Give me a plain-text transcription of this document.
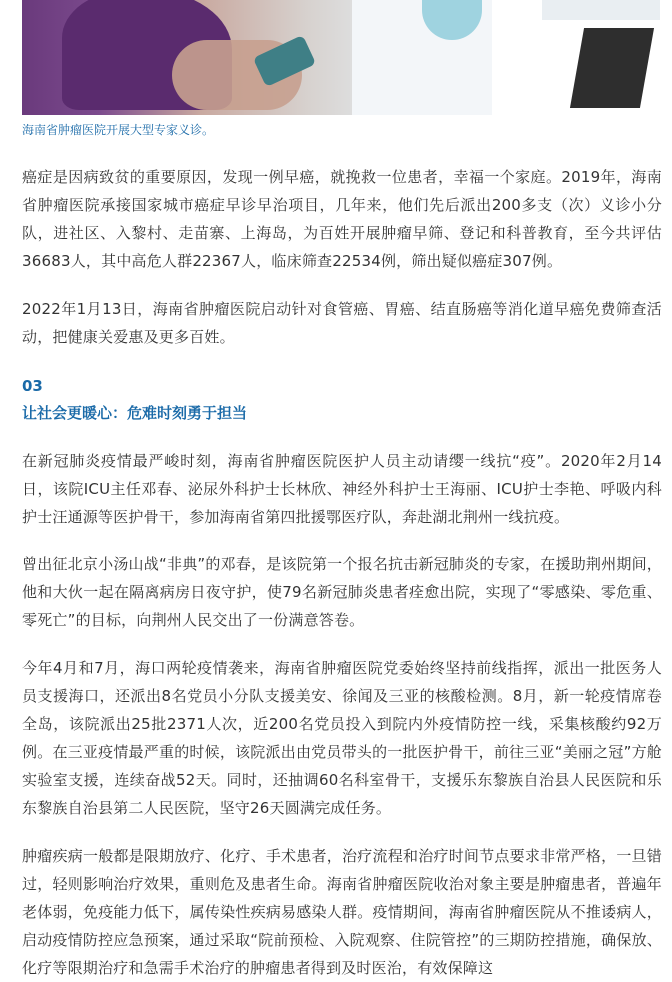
海南省肿瘤医院开展大型专家义诊。

癌症是因病致贫的重要原因，发现一例早癌，就挽救一位患者，幸福一个家庭。2019年，海南省肿瘤医院承接国家城市癌症早诊早治项目，几年来，他们先后派出200多支（次）义诊小分队，进社区、入黎村、走苗寨、上海岛，为百姓开展肿瘤早筛、登记和科普教育，至今共评估36683人，其中高危人群22367人，临床筛查22534例，筛出疑似癌症307例。

2022年1月13日，海南省肿瘤医院启动针对食管癌、胃癌、结直肠癌等消化道早癌免费筛查活动，把健康关爱惠及更多百姓。

03
让社会更暖心：危难时刻勇于担当

在新冠肺炎疫情最严峻时刻，海南省肿瘤医院医护人员主动请缨一线抗“疫”。2020年2月14日，该院ICU主任邓春、泌尿外科护士长林欣、神经外科护士王海丽、ICU护士李艳、呼吸内科护士汪通源等医护骨干，参加海南省第四批援鄂医疗队，奔赴湖北荆州一线抗疫。

曾出征北京小汤山战“非典”的邓春，是该院第一个报名抗击新冠肺炎的专家，在援助荆州期间，他和大伙一起在隔离病房日夜守护，使79名新冠肺炎患者痊愈出院，实现了“零感染、零危重、零死亡”的目标，向荆州人民交出了一份满意答卷。

今年4月和7月，海口两轮疫情袭来，海南省肿瘤医院党委始终坚持前线指挥，派出一批医务人员支援海口，还派出8名党员小分队支援美安、徐闻及三亚的核酸检测。8月，新一轮疫情席卷全岛，该院派出25批2371人次，近200名党员投入到院内外疫情防控一线，采集核酸约92万例。在三亚疫情最严重的时候，该院派出由党员带头的一批医护骨干，前往三亚“美丽之冠”方舱实验室支援，连续奋战52天。同时，还抽调60名科室骨干，支援乐东黎族自治县人民医院和乐东黎族自治县第二人民医院，坚守26天圆满完成任务。

肿瘤疾病一般都是限期放疗、化疗、手术患者，治疗流程和治疗时间节点要求非常严格，一旦错过，轻则影响治疗效果，重则危及患者生命。海南省肿瘤医院收治对象主要是肿瘤患者，普遍年老体弱，免疫能力低下，属传染性疾病易感染人群。疫情期间，海南省肿瘤医院从不推诿病人，启动疫情防控应急预案，通过采取“院前预检、入院观察、住院管控”的三期防控措施，确保放、化疗等限期治疗和急需手术治疗的肿瘤患者得到及时医治，有效保障这
